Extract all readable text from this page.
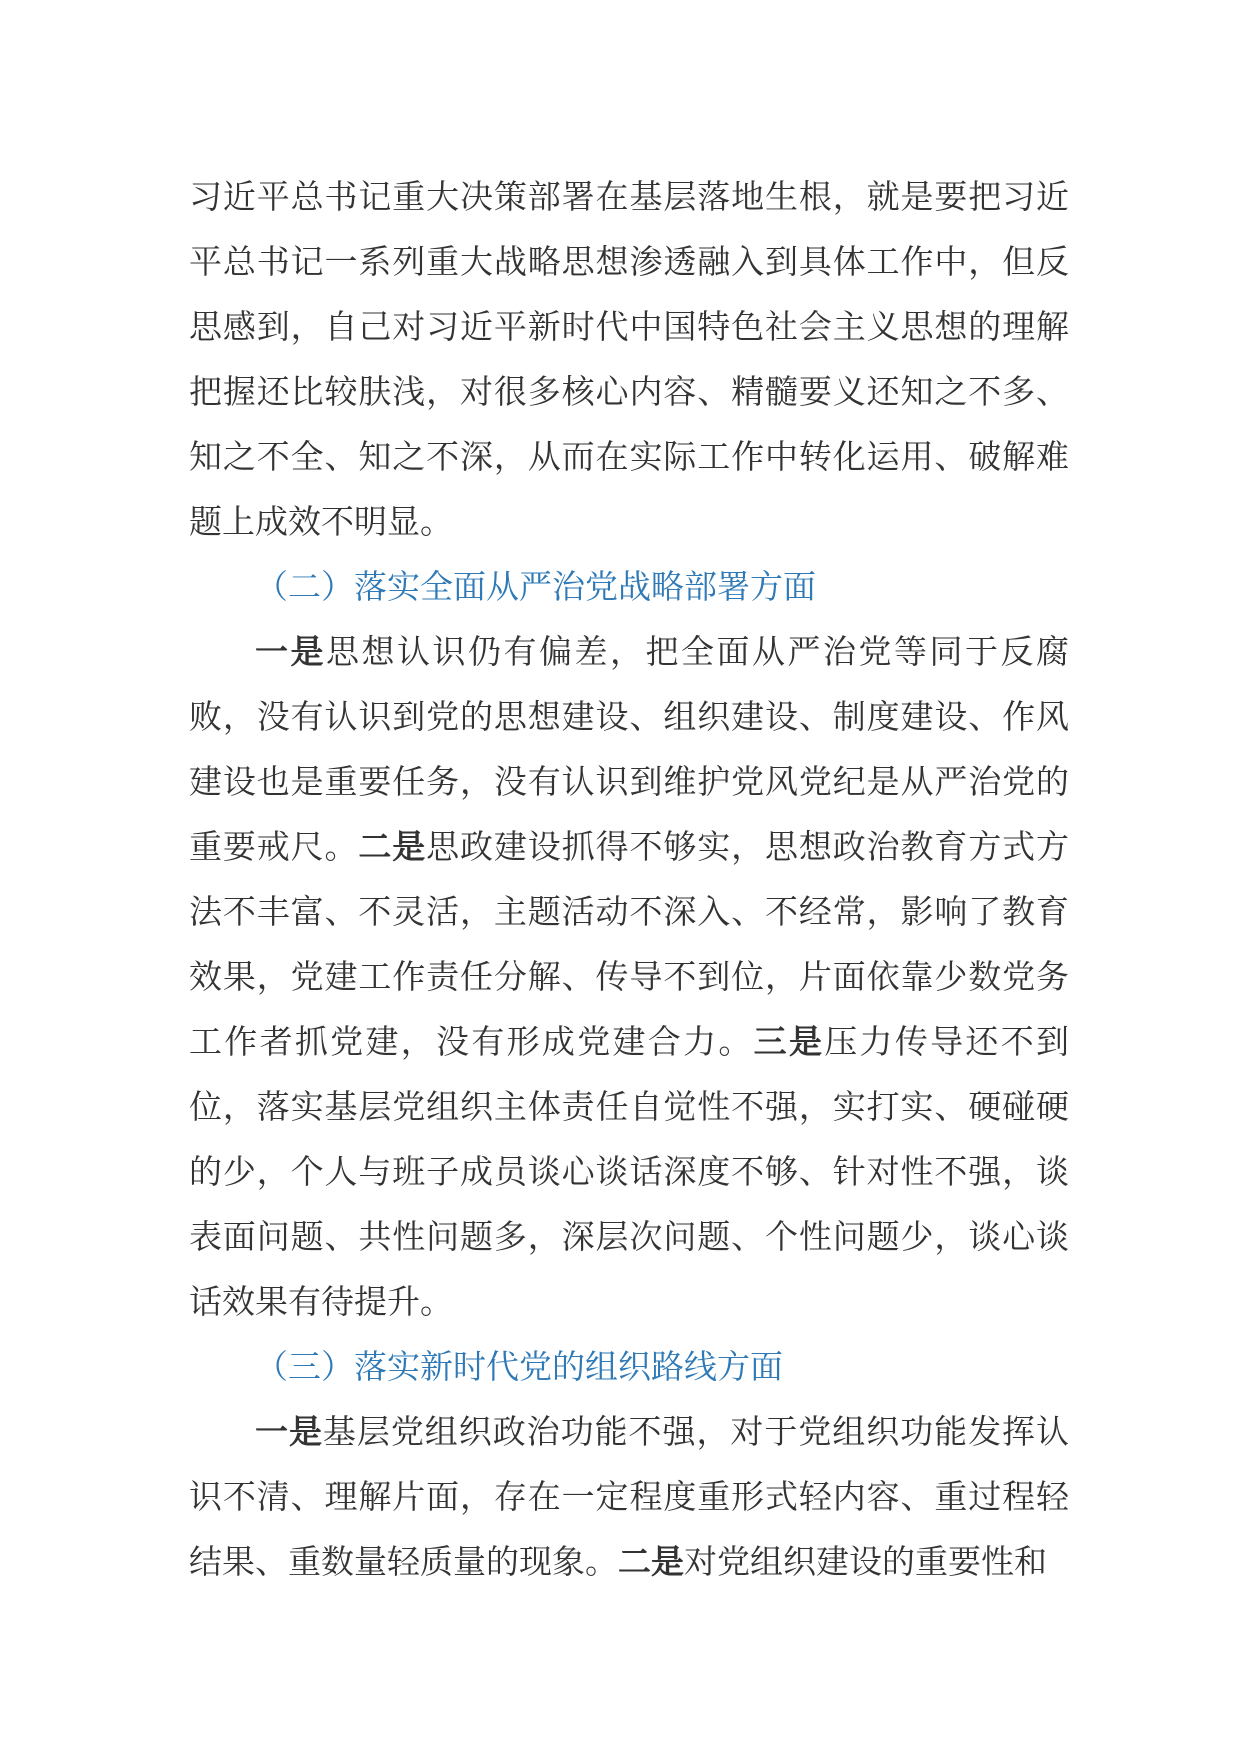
习近平总书记重大决策部署在基层落地生根，就是要把习近平总书记一系列重大战略思想渗透融入到具体工作中，但反思感到，自己对习近平新时代中国特色社会主义思想的理解把握还比较肤浅，对很多核心内容、精髓要义还知之不多、知之不全、知之不深，从而在实际工作中转化运用、破解难题上成效不明显。

（二）落实全面从严治党战略部署方面

一是思想认识仍有偏差，把全面从严治党等同于反腐败，没有认识到党的思想建设、组织建设、制度建设、作风建设也是重要任务，没有认识到维护党风党纪是从严治党的重要戒尺。二是思政建设抓得不够实，思想政治教育方式方法不丰富、不灵活，主题活动不深入、不经常，影响了教育效果，党建工作责任分解、传导不到位，片面依靠少数党务工作者抓党建，没有形成党建合力。三是压力传导还不到位，落实基层党组织主体责任自觉性不强，实打实、硬碰硬的少，个人与班子成员谈心谈话深度不够、针对性不强，谈表面问题、共性问题多，深层次问题、个性问题少，谈心谈话效果有待提升。

（三）落实新时代党的组织路线方面

一是基层党组织政治功能不强，对于党组织功能发挥认识不清、理解片面，存在一定程度重形式轻内容、重过程轻结果、重数量轻质量的现象。二是对党组织建设的重要性和
